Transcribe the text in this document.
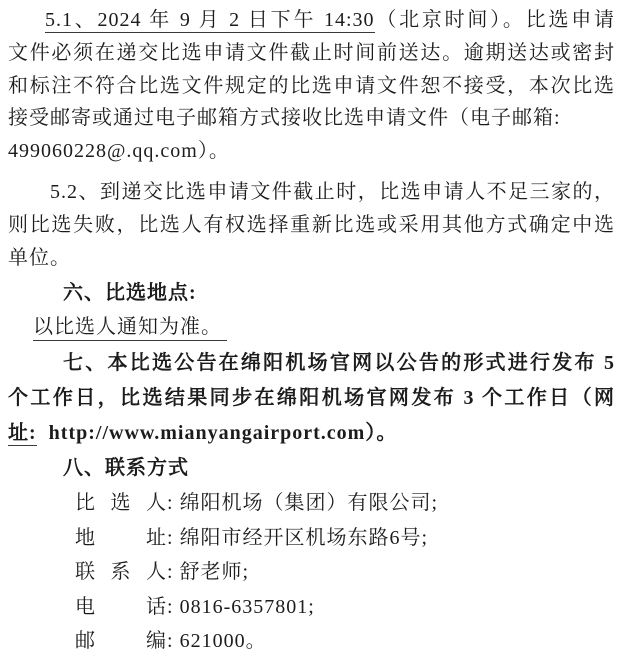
5.1、2024 年 9 月 2 日下午 14:30（北京时间）。比选申请
文件必须在递交比选申请文件截止时间前送达。逾期送达或密封
和标注不符合比选文件规定的比选申请文件恕不接受，本次比选
接受邮寄或通过电子邮箱方式接收比选申请文件（电子邮箱:
499060228@.qq.com）。
5.2、到递交比选申请文件截止时，比选申请人不足三家的，
则比选失败，比选人有权选择重新比选或采用其他方式确定中选
单位。
六、比选地点:
以比选人通知为准。
七、本比选公告在绵阳机场官网以公告的形式进行发布 5
个工作日，比选结果同步在绵阳机场官网发布 3 个工作日（网
址:  http://www.mianyangairport.com）。
八、联系方式
比选人: 绵阳机场（集团）有限公司;
地址: 绵阳市经开区机场东路6号;
联系人: 舒老师;
电话: 0816-6357801;
邮编: 621000。
